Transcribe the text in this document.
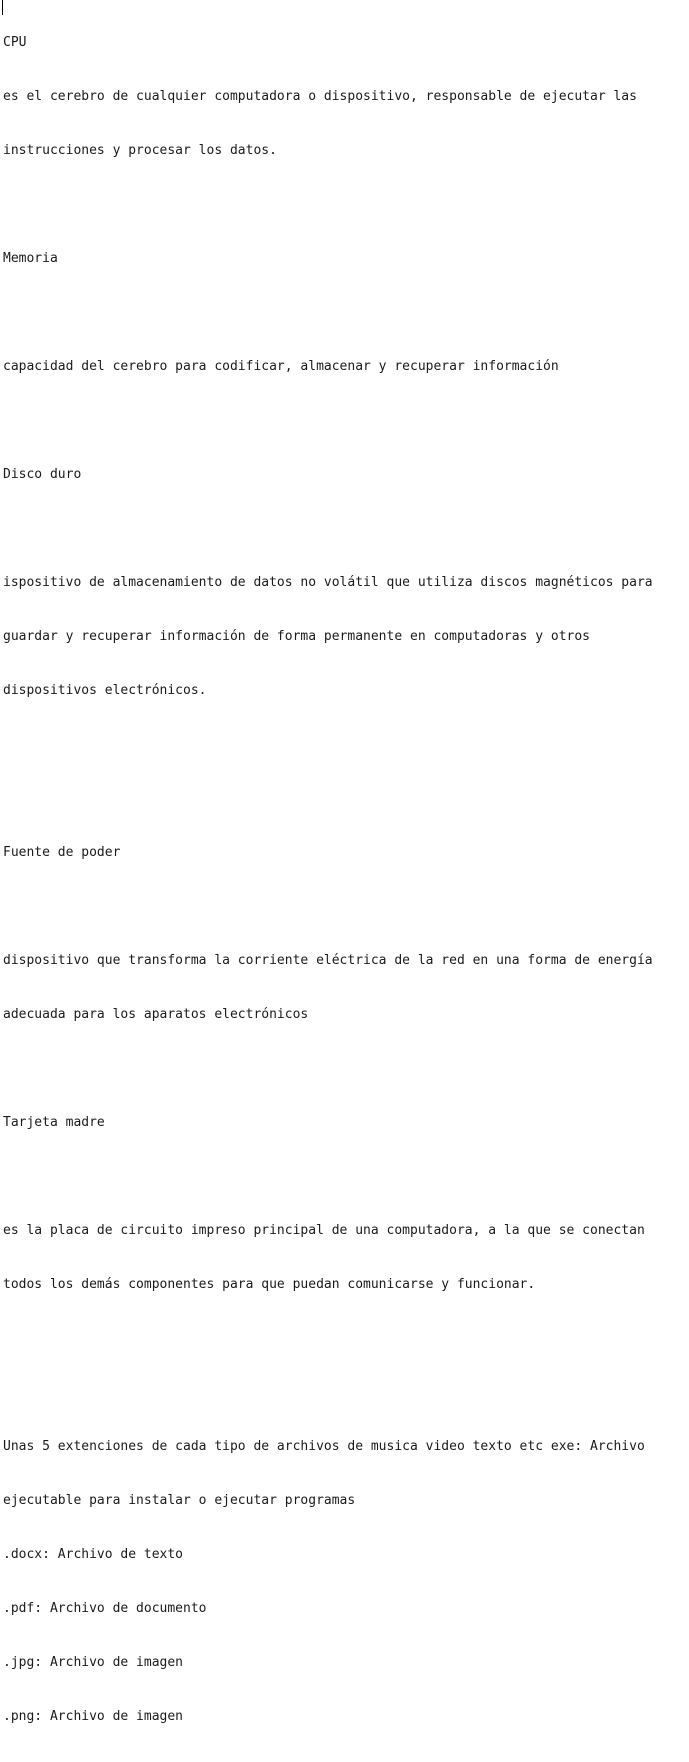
CPU

es el cerebro de cualquier computadora o dispositivo, responsable de ejecutar las

instrucciones y procesar los datos.

Memoria

capacidad del cerebro para codificar, almacenar y recuperar información

Disco duro

ispositivo de almacenamiento de datos no volátil que utiliza discos magnéticos para

guardar y recuperar información de forma permanente en computadoras y otros

dispositivos electrónicos.

Fuente de poder

dispositivo que transforma la corriente eléctrica de la red en una forma de energía

adecuada para los aparatos electrónicos

Tarjeta madre

es la placa de circuito impreso principal de una computadora, a la que se conectan

todos los demás componentes para que puedan comunicarse y funcionar.

Unas 5 extenciones de cada tipo de archivos de musica video texto etc exe: Archivo

ejecutable para instalar o ejecutar programas

.docx: Archivo de texto

.pdf: Archivo de documento

.jpg: Archivo de imagen

.png: Archivo de imagen
